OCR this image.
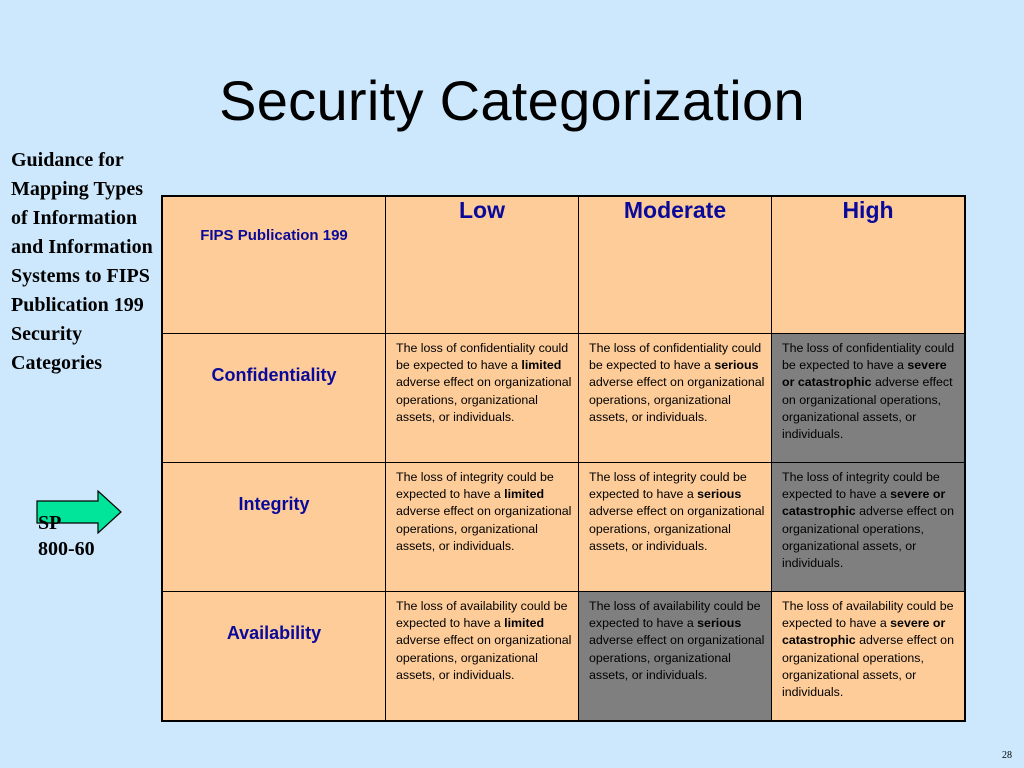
Security Categorization
Guidance for Mapping Types of Information and Information Systems to FIPS Publication 199 Security Categories
SP
800-60
FIPS Publication 199	Low	Moderate	High

Confidentiality	The loss of confidentiality could be expected to have a limited adverse effect on organizational operations, organizational assets, or individuals.	The loss of confidentiality could be expected to have a serious adverse effect on organizational operations, organizational assets, or individuals.	The loss of confidentiality could be expected to have a severe or catastrophic adverse effect on organizational operations, organizational assets, or individuals.

Integrity	The loss of integrity could be expected to have a limited adverse effect on organizational operations, organizational assets, or individuals.	The loss of integrity could be expected to have a serious adverse effect on organizational operations, organizational assets, or individuals.	The loss of integrity could be expected to have a severe or catastrophic adverse effect on organizational operations, organizational assets, or individuals.

Availability	The loss of availability could be expected to have a limited adverse effect on organizational operations, organizational assets, or individuals.	The loss of availability could be expected to have a serious adverse effect on organizational operations, organizational assets, or individuals.	The loss of availability could be expected to have a severe or catastrophic adverse effect on organizational operations, organizational assets, or individuals.
28
